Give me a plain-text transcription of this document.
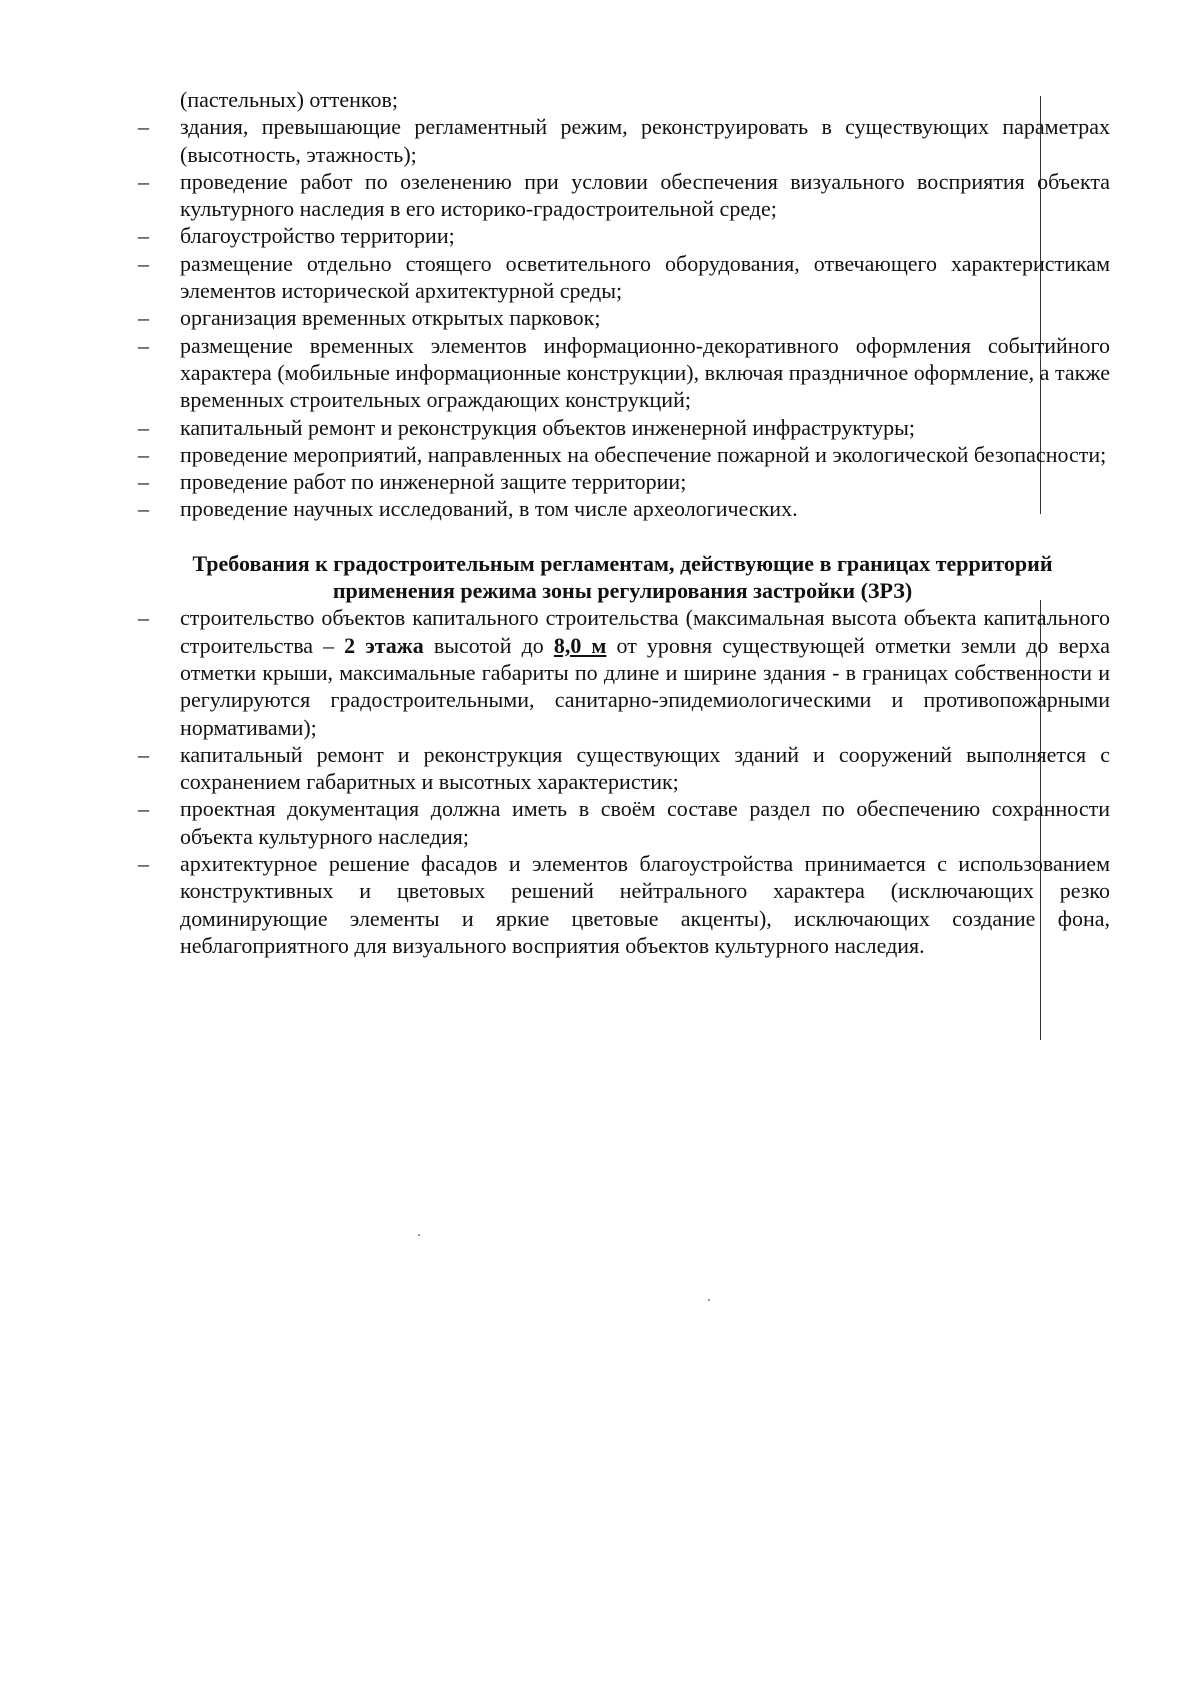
(пастельных) оттенков;
– здания, превышающие регламентный режим, реконструировать в существующих параметрах (высотность, этажность);
– проведение работ по озеленению при условии обеспечения визуального восприятия объекта культурного наследия в его историко-градостроительной среде;
– благоустройство территории;
– размещение отдельно стоящего осветительного оборудования, отвечающего характеристикам элементов исторической архитектурной среды;
– организация временных открытых парковок;
– размещение временных элементов информационно-декоративного оформления событийного характера (мобильные информационные конструкции), включая праздничное оформление, а также временных строительных ограждающих конструкций;
– капитальный ремонт и реконструкция объектов инженерной инфраструктуры;
– проведение мероприятий, направленных на обеспечение пожарной и экологической безопасности;
– проведение работ по инженерной защите территории;
– проведение научных исследований, в том числе археологических.
Требования к градостроительным регламентам, действующие в границах территорий применения режима зоны регулирования застройки (ЗРЗ)
– строительство объектов капитального строительства (максимальная высота объекта капитального строительства – 2 этажа высотой до 8,0 м от уровня существующей отметки земли до верха отметки крыши, максимальные габариты по длине и ширине здания - в границах собственности и регулируются градостроительными, санитарно-эпидемиологическими и противопожарными нормативами);
– капитальный ремонт и реконструкция существующих зданий и сооружений выполняется с сохранением габаритных и высотных характеристик;
– проектная документация должна иметь в своём составе раздел по обеспечению сохранности объекта культурного наследия;
– архитектурное решение фасадов и элементов благоустройства принимается с использованием конструктивных и цветовых решений нейтрального характера (исключающих резко доминирующие элементы и яркие цветовые акценты), исключающих создание фона, неблагоприятного для визуального восприятия объектов культурного наследия.
